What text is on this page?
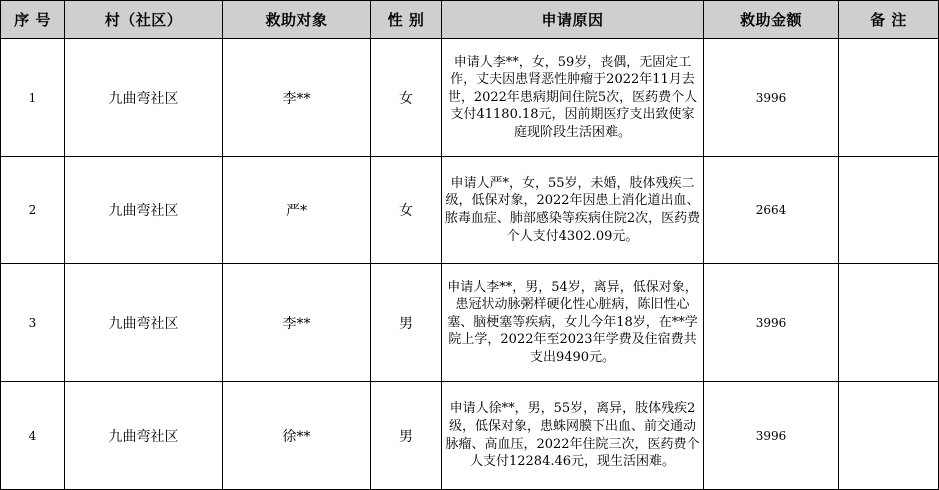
序 号	村（社区）	救助对象	性 别	申请原因	救助金额	备 注
1	九曲弯社区	李**	女	申请人李**，女，59岁，丧偶，无固定工作，丈夫因患肾恶性肿瘤于2022年11月去世，2022年患病期间住院5次，医药费个人支付41180.18元，因前期医疗支出致使家庭现阶段生活困难。	3996	
2	九曲弯社区	严*	女	申请人严*，女，55岁，未婚，肢体残疾二级，低保对象，2022年因患上消化道出血、脓毒血症、肺部感染等疾病住院2次，医药费个人支付4302.09元。	2664	
3	九曲弯社区	李**	男	申请人李**，男，54岁，离异，低保对象，患冠状动脉粥样硬化性心脏病，陈旧性心塞、脑梗塞等疾病，女儿今年18岁，在**学院上学，2022年至2023年学费及住宿费共支出9490元。	3996	
4	九曲弯社区	徐**	男	申请人徐**，男，55岁，离异，肢体残疾2级，低保对象，患蛛网膜下出血、前交通动脉瘤、高血压，2022年住院三次，医药费个人支付12284.46元，现生活困难。	3996	
